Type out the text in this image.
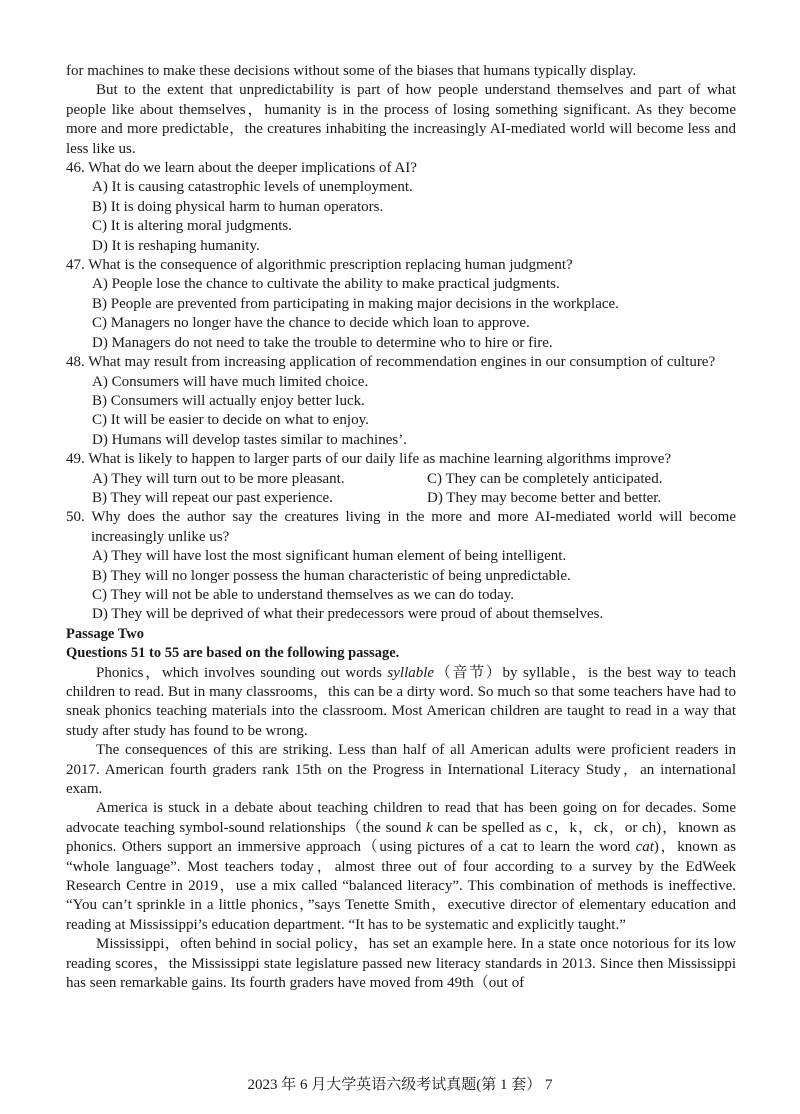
for machines to make these decisions without some of the biases that humans typically display.

But to the extent that unpredictability is part of how people understand themselves and part of what people like about themselves，humanity is in the process of losing something significant. As they become more and more predictable，the creatures inhabiting the increasingly AI-mediated world will become less and less like us.

46. What do we learn about the deeper implications of AI?

A) It is causing catastrophic levels of unemployment.

B) It is doing physical harm to human operators.

C) It is altering moral judgments.

D) It is reshaping humanity.

47. What is the consequence of algorithmic prescription replacing human judgment?

A) People lose the chance to cultivate the ability to make practical judgments.

B) People are prevented from participating in making major decisions in the workplace.

C) Managers no longer have the chance to decide which loan to approve.

D) Managers do not need to take the trouble to determine who to hire or fire.

48. What may result from increasing application of recommendation engines in our consumption of culture?

A) Consumers will have much limited choice.

B) Consumers will actually enjoy better luck.

C) It will be easier to decide on what to enjoy.

D) Humans will develop tastes similar to machines’.

49. What is likely to happen to larger parts of our daily life as machine learning algorithms improve?

A) They will turn out to be more pleasant.	C) They can be completely anticipated.
B) They will repeat our past experience.	D) They may become better and better.

50. Why does the author say the creatures living in the more and more AI-mediated world will become increasingly unlike us?

A) They will have lost the most significant human element of being intelligent.

B) They will no longer possess the human characteristic of being unpredictable.

C) They will not be able to understand themselves as we can do today.

D) They will be deprived of what their predecessors were proud of about themselves.

Passage Two

Questions 51 to 55 are based on the following passage.

Phonics，which involves sounding out words syllable（音节）by syllable，is the best way to teach children to read. But in many classrooms，this can be a dirty word. So much so that some teachers have had to sneak phonics teaching materials into the classroom. Most American children are taught to read in a way that study after study has found to be wrong.

The consequences of this are striking. Less than half of all American adults were proficient readers in 2017. American fourth graders rank 15th on the Progress in International Literacy Study，an international exam.

America is stuck in a debate about teaching children to read that has been going on for decades. Some advocate teaching symbol-sound relationships（the sound k can be spelled as c，k，ck，or ch)，known as phonics. Others support an immersive approach（using pictures of a cat to learn the word cat)，known as “whole language”. Most teachers today，almost three out of four according to a survey by the EdWeek Research Centre in 2019，use a mix called “balanced literacy”. This combination of methods is ineffective. “You can’t sprinkle in a little phonics，”says Tenette Smith，executive director of elementary education and reading at Mississippi’s education department. “It has to be systematic and explicitly taught.”

Mississippi，often behind in social policy，has set an example here. In a state once notorious for its low reading scores，the Mississippi state legislature passed new literacy standards in 2013. Since then Mississippi has seen remarkable gains. Its fourth graders have moved from 49th（out of

2023 年 6 月大学英语六级考试真题(第 1 套） 7
